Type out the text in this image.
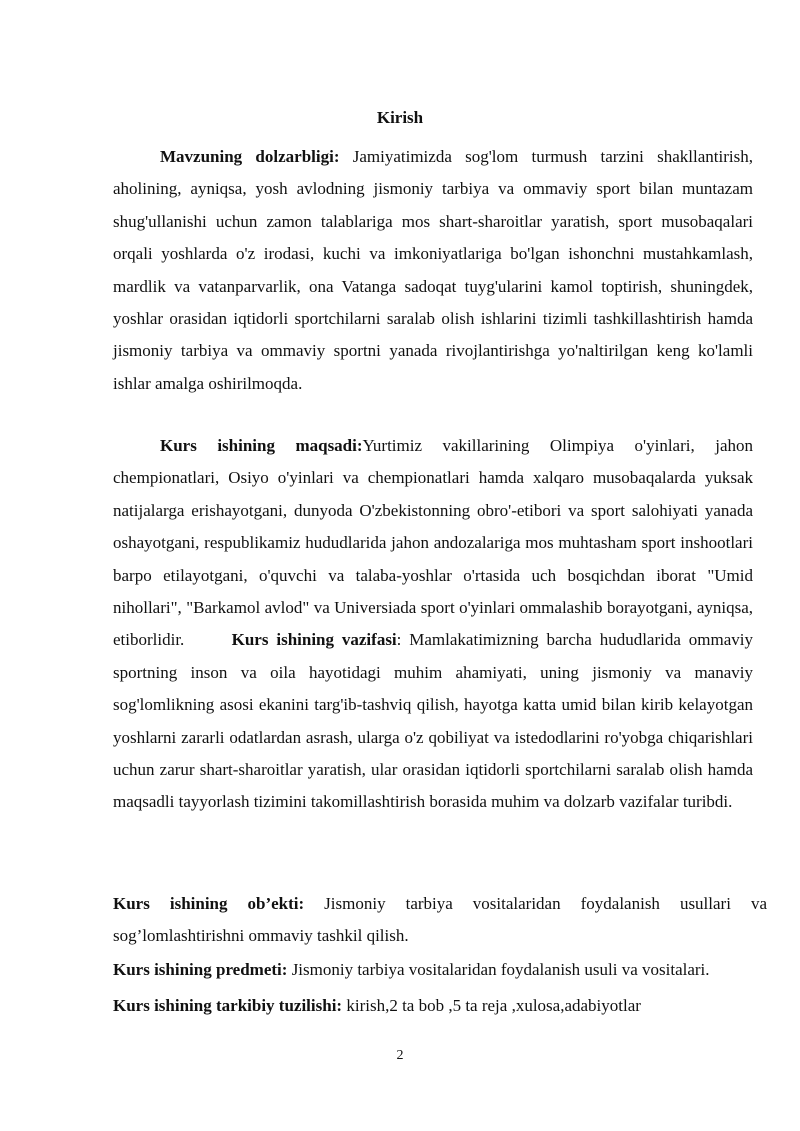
Kirish
Mavzuning dolzarbligi: Jamiyatimizda sog'lom turmush tarzini shakllantirish, aholining, ayniqsa, yosh avlodning jismoniy tarbiya va ommaviy sport bilan muntazam shug'ullanishi uchun zamon talablariga mos shart-sharoitlar yaratish, sport musobaqalari orqali yoshlarda o'z irodasi, kuchi va imkoniyatlariga bo'lgan ishonchni mustahkamlash, mardlik va vatanparvarlik, ona Vatanga sadoqat tuyg'ularini kamol toptirish, shuningdek, yoshlar orasidan iqtidorli sportchilarni saralab olish ishlarini tizimli tashkillashtirish hamda jismoniy tarbiya va ommaviy sportni yanada rivojlantirishga yo'naltirilgan keng ko'lamli ishlar amalga oshirilmoqda.
Kurs ishining maqsadi:Yurtimiz vakillarining Olimpiya o'yinlari, jahon chempionatlari, Osiyo o'yinlari va chempionatlari hamda xalqaro musobaqalarda yuksak natijalarga erishayotgani, dunyoda O'zbekistonning obro'-etibori va sport salohiyati yanada oshayotgani, respublikamiz hududlarida jahon andozalariga mos muhtasham sport inshootlari barpo etilayotgani, o'quvchi va talaba-yoshlar o'rtasida uch bosqichdan iborat "Umid nihollari", "Barkamol avlod" va Universiada sport o'yinlari ommalashib borayotgani, ayniqsa, etiborlidir.	Kurs ishining vazifasi: Mamlakatimizning barcha hududlarida ommaviy sportning inson va oila hayotidagi muhim ahamiyati, uning jismoniy va manaviy sog'lomlikning asosi ekanini targ'ib-tashviq qilish, hayotga katta umid bilan kirib kelayotgan yoshlarni zararli odatlardan asrash, ularga o'z qobiliyat va istedodlarini ro'yobga chiqarishlari uchun zarur shart-sharoitlar yaratish, ular orasidan iqtidorli sportchilarni saralab olish hamda maqsadli tayyorlash tizimini takomillashtirish borasida muhim va dolzarb vazifalar turibdi.
Kurs ishining ob’ekti: Jismoniy tarbiya vositalaridan foydalanish usullari va sog’lomlashtirishni ommaviy tashkil qilish.
Kurs ishining predmeti: Jismoniy tarbiya vositalaridan foydalanish usuli va vositalari.
Kurs ishining tarkibiy tuzilishi: kirish,2 ta bob ,5 ta reja ,xulosa,adabiyotlar
2
